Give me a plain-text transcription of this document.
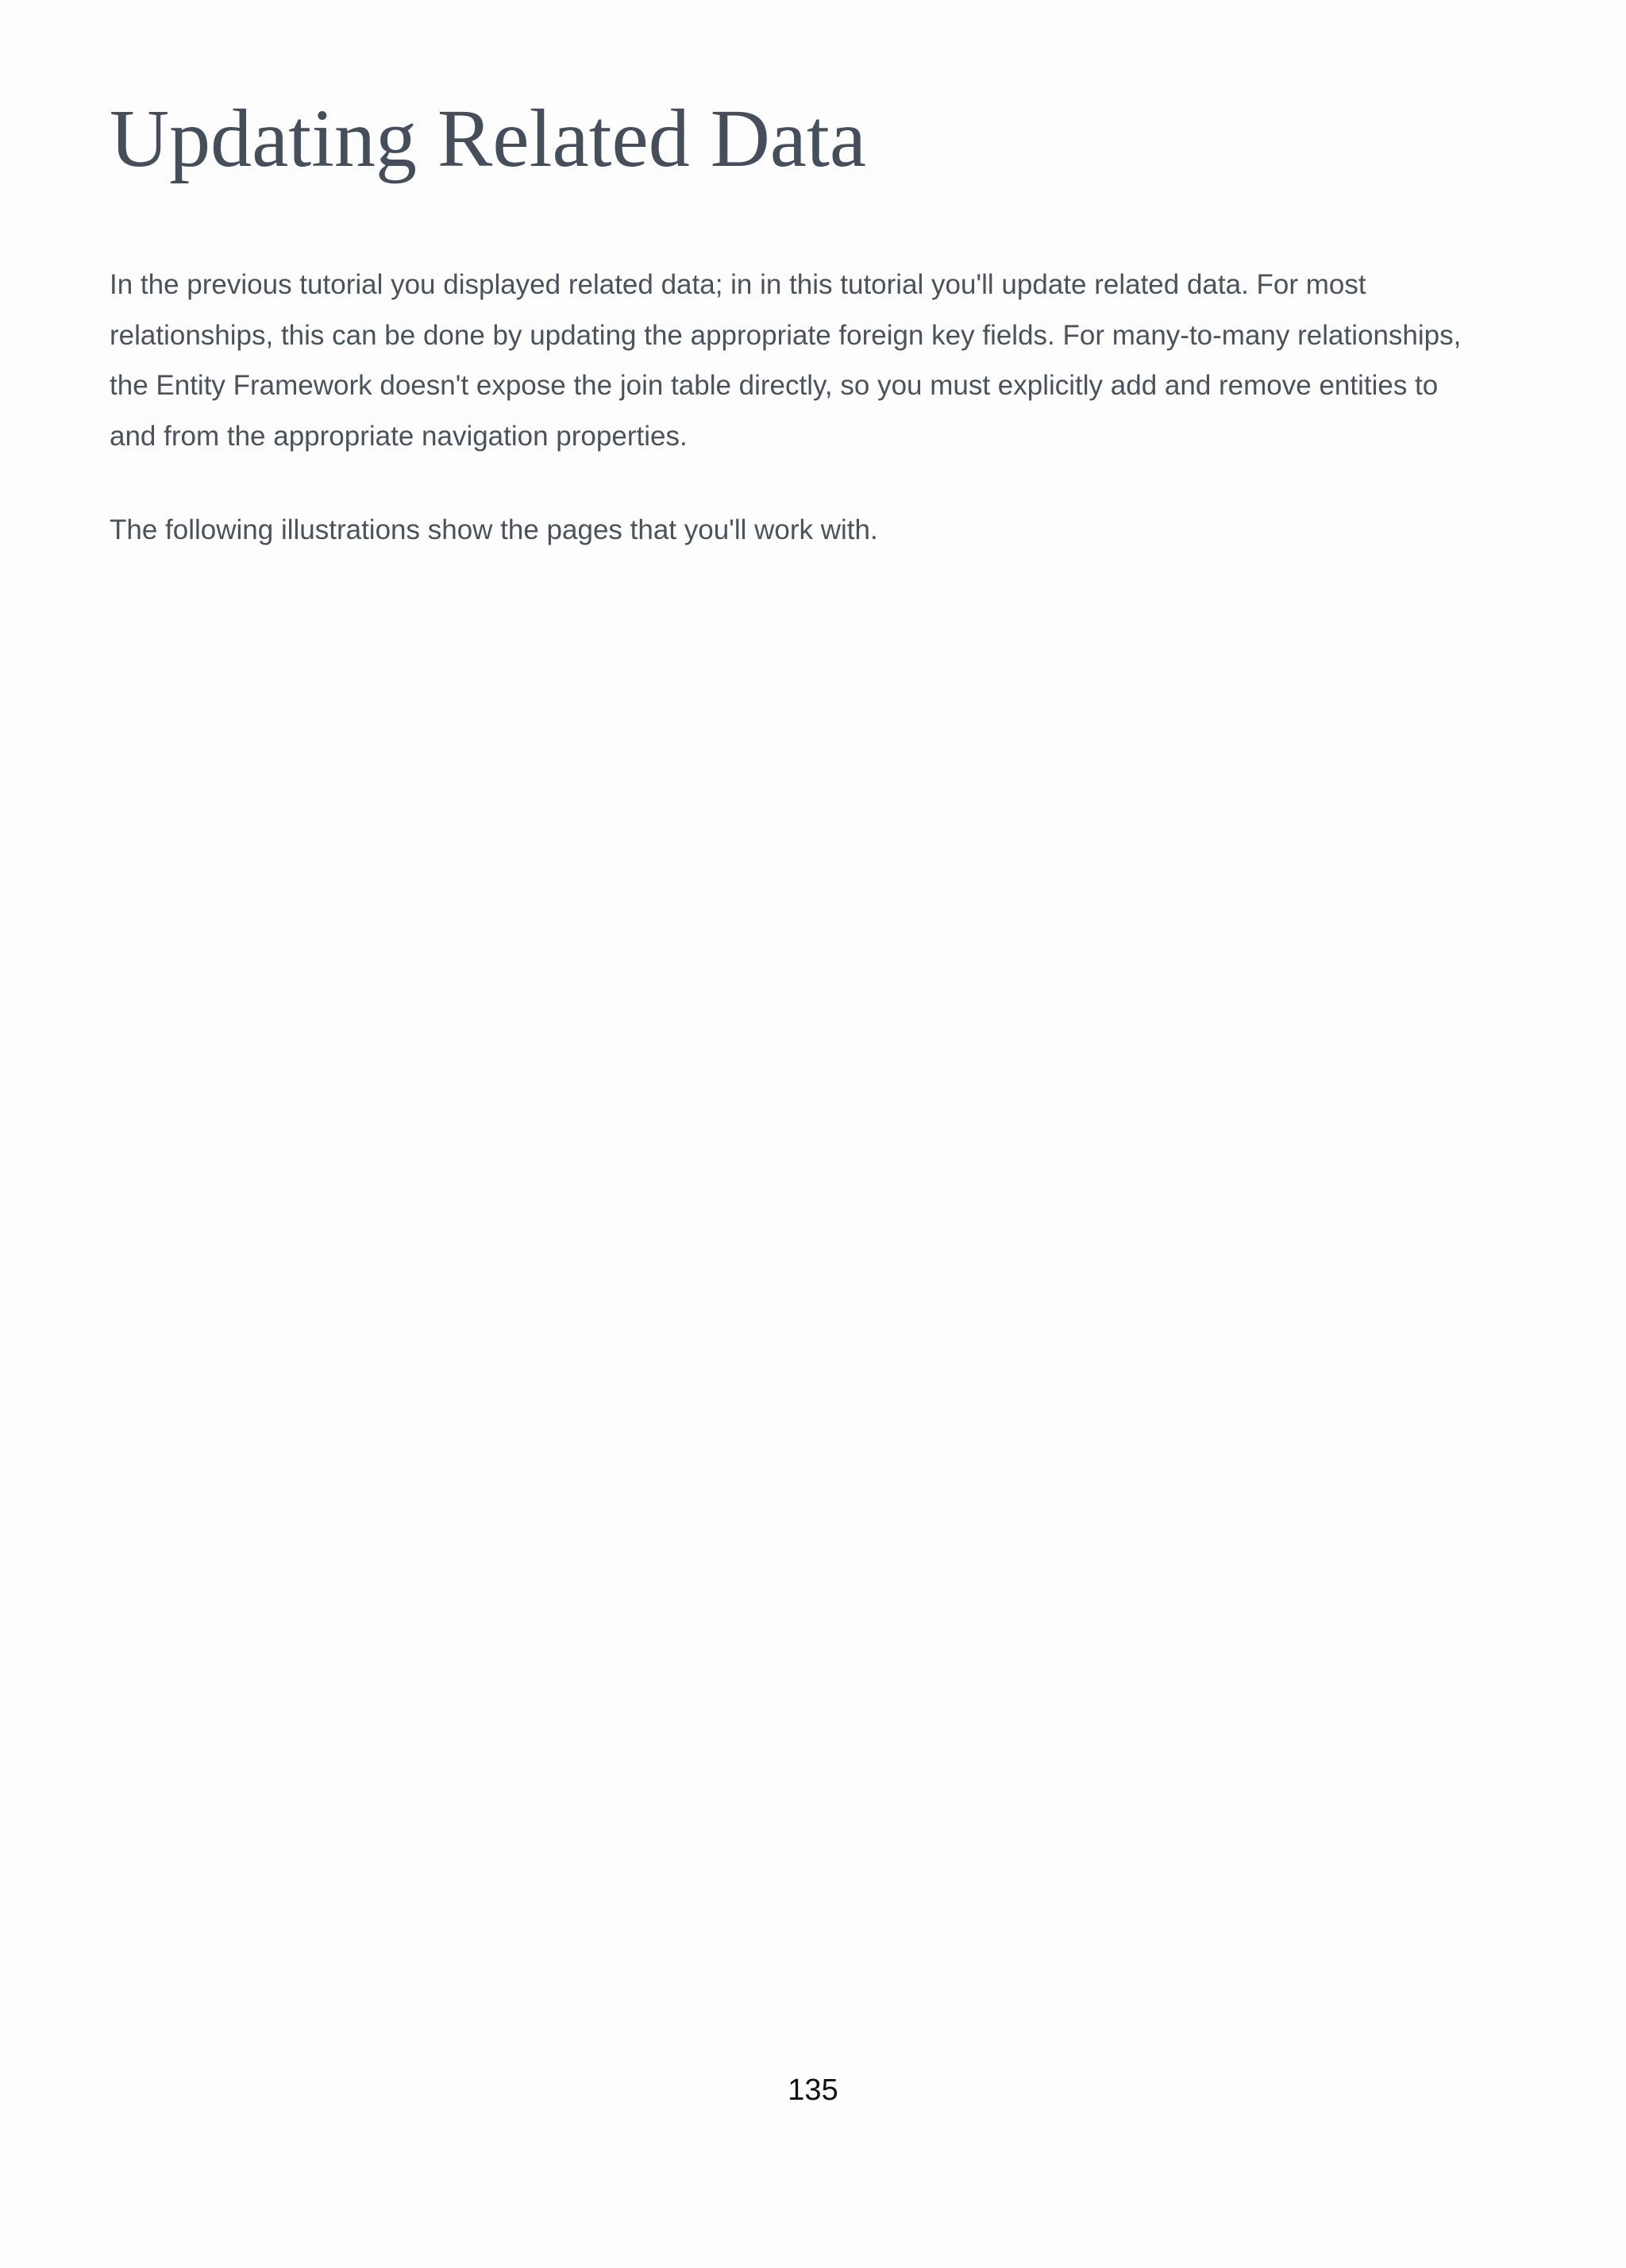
Updating Related Data

In the previous tutorial you displayed related data; in in this tutorial you'll update related data. For most
relationships, this can be done by updating the appropriate foreign key fields. For many-to-many relationships,
the Entity Framework doesn't expose the join table directly, so you must explicitly add and remove entities to
and from the appropriate navigation properties.

The following illustrations show the pages that you'll work with.

135
